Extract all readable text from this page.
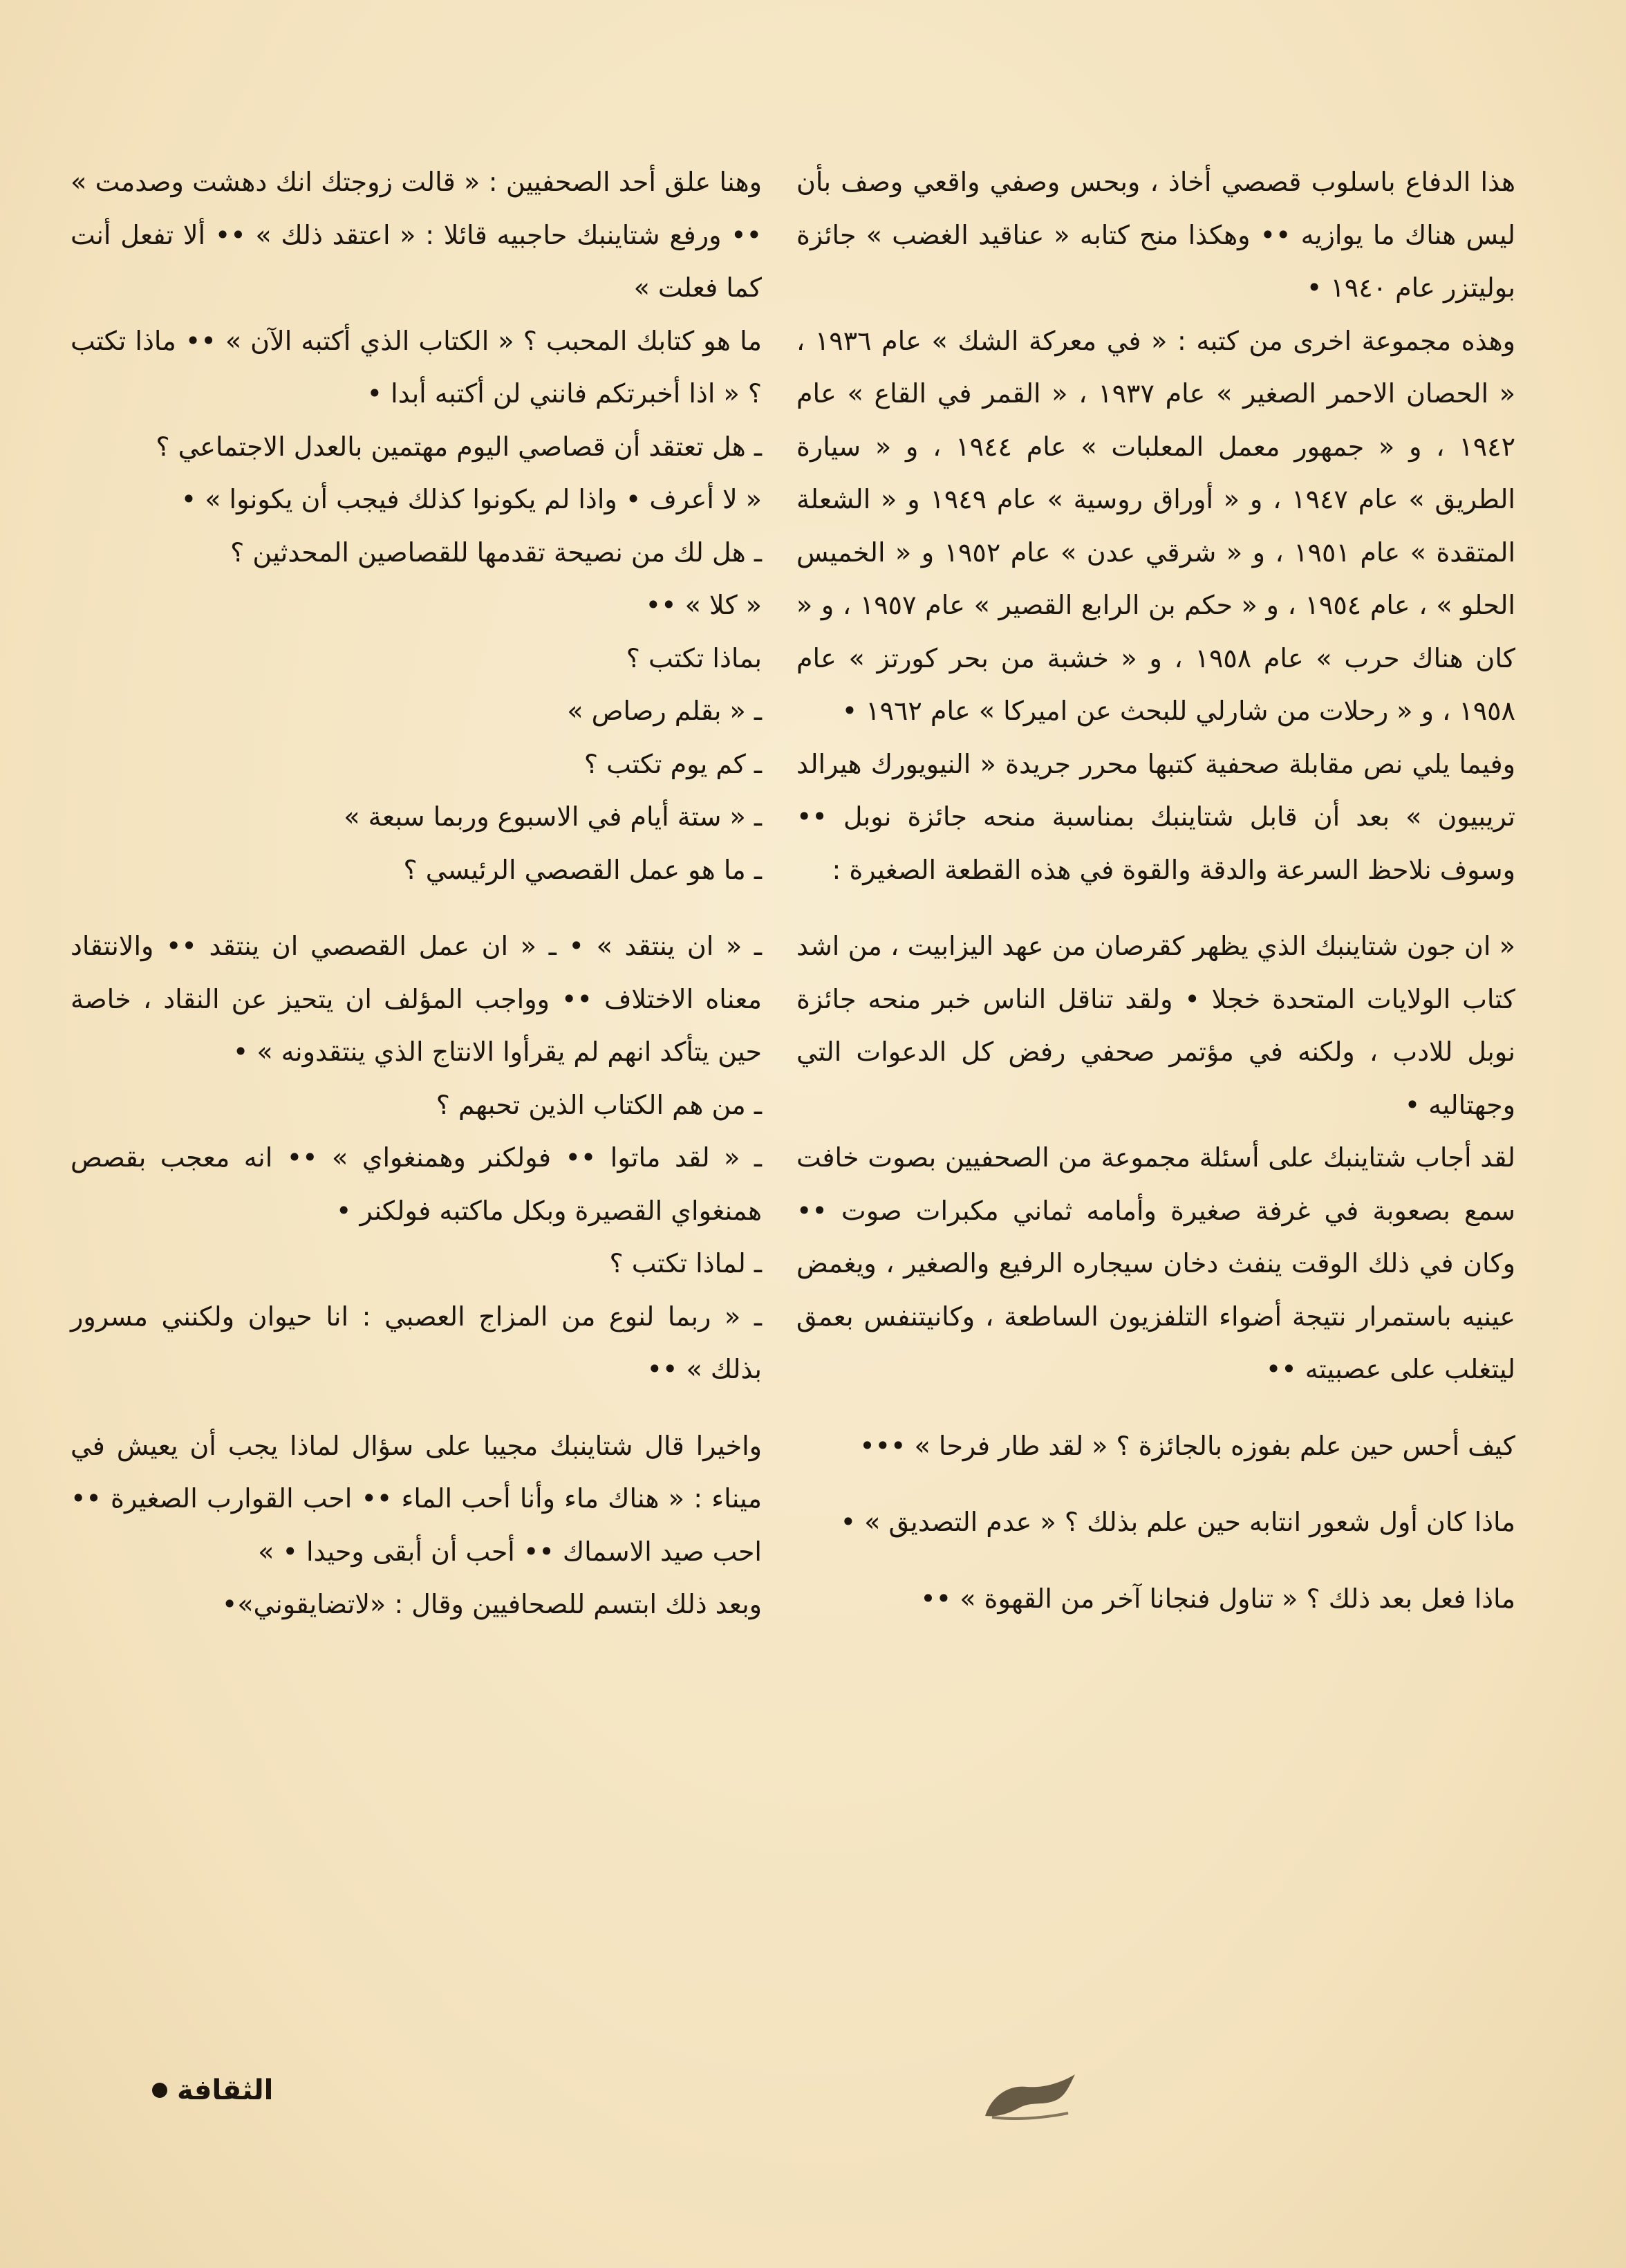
هذا الدفاع باسلوب قصصي أخاذ ، وبحس وصفي واقعي وصف بأن ليس هناك ما يوازيه •• وهكذا منح كتابه « عناقيد الغضب » جائزة بوليتزر عام ١٩٤٠ •

وهذه مجموعة اخرى من كتبه : « في معركة الشك » عام ١٩٣٦ ، « الحصان الاحمر الصغير » عام ١٩٣٧ ، « القمر في القاع » عام ١٩٤٢ ، و « جمهور معمل المعلبات » عام ١٩٤٤ ، و « سيارة الطريق » عام ١٩٤٧ ، و « أوراق روسية » عام ١٩٤٩ و « الشعلة المتقدة » عام ١٩٥١ ، و « شرقي عدن » عام ١٩٥٢ و « الخميس الحلو » ، عام ١٩٥٤ ، و « حكم بن الرابع القصير » عام ١٩٥٧ ، و « كان هناك حرب » عام ١٩٥٨ ، و « خشبة من بحر كورتز » عام ١٩٥٨ ، و « رحلات من شارلي للبحث عن اميركا » عام ١٩٦٢ •

وفيما يلي نص مقابلة صحفية كتبها محرر جريدة « النيويورك هيرالد تريبيون » بعد أن قابل شتاينبك بمناسبة منحه جائزة نوبل •• وسوف نلاحظ السرعة والدقة والقوة في هذه القطعة الصغيرة :

« ان جون شتاينبك الذي يظهر كقرصان من عهد اليزابيت ، من اشد كتاب الولايات المتحدة خجلا • ولقد تناقل الناس خبر منحه جائزة نوبل للادب ، ولكنه في مؤتمر صحفي رفض كل الدعوات التي وجهتاليه •

لقد أجاب شتاينبك على أسئلة مجموعة من الصحفيين بصوت خافت سمع بصعوبة في غرفة صغيرة وأمامه ثماني مكبرات صوت •• وكان في ذلك الوقت ينفث دخان سيجاره الرفيع والصغير ، ويغمض عينيه باستمرار نتيجة أضواء التلفزيون الساطعة ، وكانيتنفس بعمق ليتغلب على عصبيته ••

كيف أحس حين علم بفوزه بالجائزة ؟ « لقد طار فرحا » •••

ماذا كان أول شعور انتابه حين علم بذلك ؟ « عدم التصديق » •

ماذا فعل بعد ذلك ؟ « تناول فنجانا آخر من القهوة » ••

وهنا علق أحد الصحفيين : « قالت زوجتك انك دهشت وصدمت » •• ورفع شتاينبك حاجبيه قائلا : « اعتقد ذلك » •• ألا تفعل أنت كما فعلت »

ما هو كتابك المحبب ؟ « الكتاب الذي أكتبه الآن » •• ماذا تكتب ؟ « اذا أخبرتكم فانني لن أكتبه أبدا •

ـ هل تعتقد أن قصاصي اليوم مهتمين بالعدل الاجتماعي ؟

« لا أعرف • واذا لم يكونوا كذلك فيجب أن يكونوا » •

ـ هل لك من نصيحة تقدمها للقصاصين المحدثين ؟

« كلا » ••

بماذا تكتب ؟

ـ « بقلم رصاص »

ـ كم يوم تكتب ؟

ـ « ستة أيام في الاسبوع وربما سبعة »

ـ ما هو عمل القصصي الرئيسي ؟

ـ « ان ينتقد » • ـ « ان عمل القصصي ان ينتقد •• والانتقاد معناه الاختلاف •• وواجب المؤلف ان يتحيز عن النقاد ، خاصة حين يتأكد انهم لم يقرأوا الانتاج الذي ينتقدونه » •

ـ من هم الكتاب الذين تحبهم ؟

ـ « لقد ماتوا •• فولكنر وهمنغواي » •• انه معجب بقصص همنغواي القصيرة وبكل ماكتبه فولكنر •

ـ لماذا تكتب ؟

ـ « ربما لنوع من المزاج العصبي : انا حيوان ولكنني مسرور بذلك » ••

واخيرا قال شتاينبك مجيبا على سؤال لماذا يجب أن يعيش في ميناء : « هناك ماء وأنا أحب الماء •• احب القوارب الصغيرة •• احب صيد الاسماك •• أحب أن أبقى وحيدا • »

وبعد ذلك ابتسم للصحافيين وقال : «لاتضايقوني»•

الثقافة
